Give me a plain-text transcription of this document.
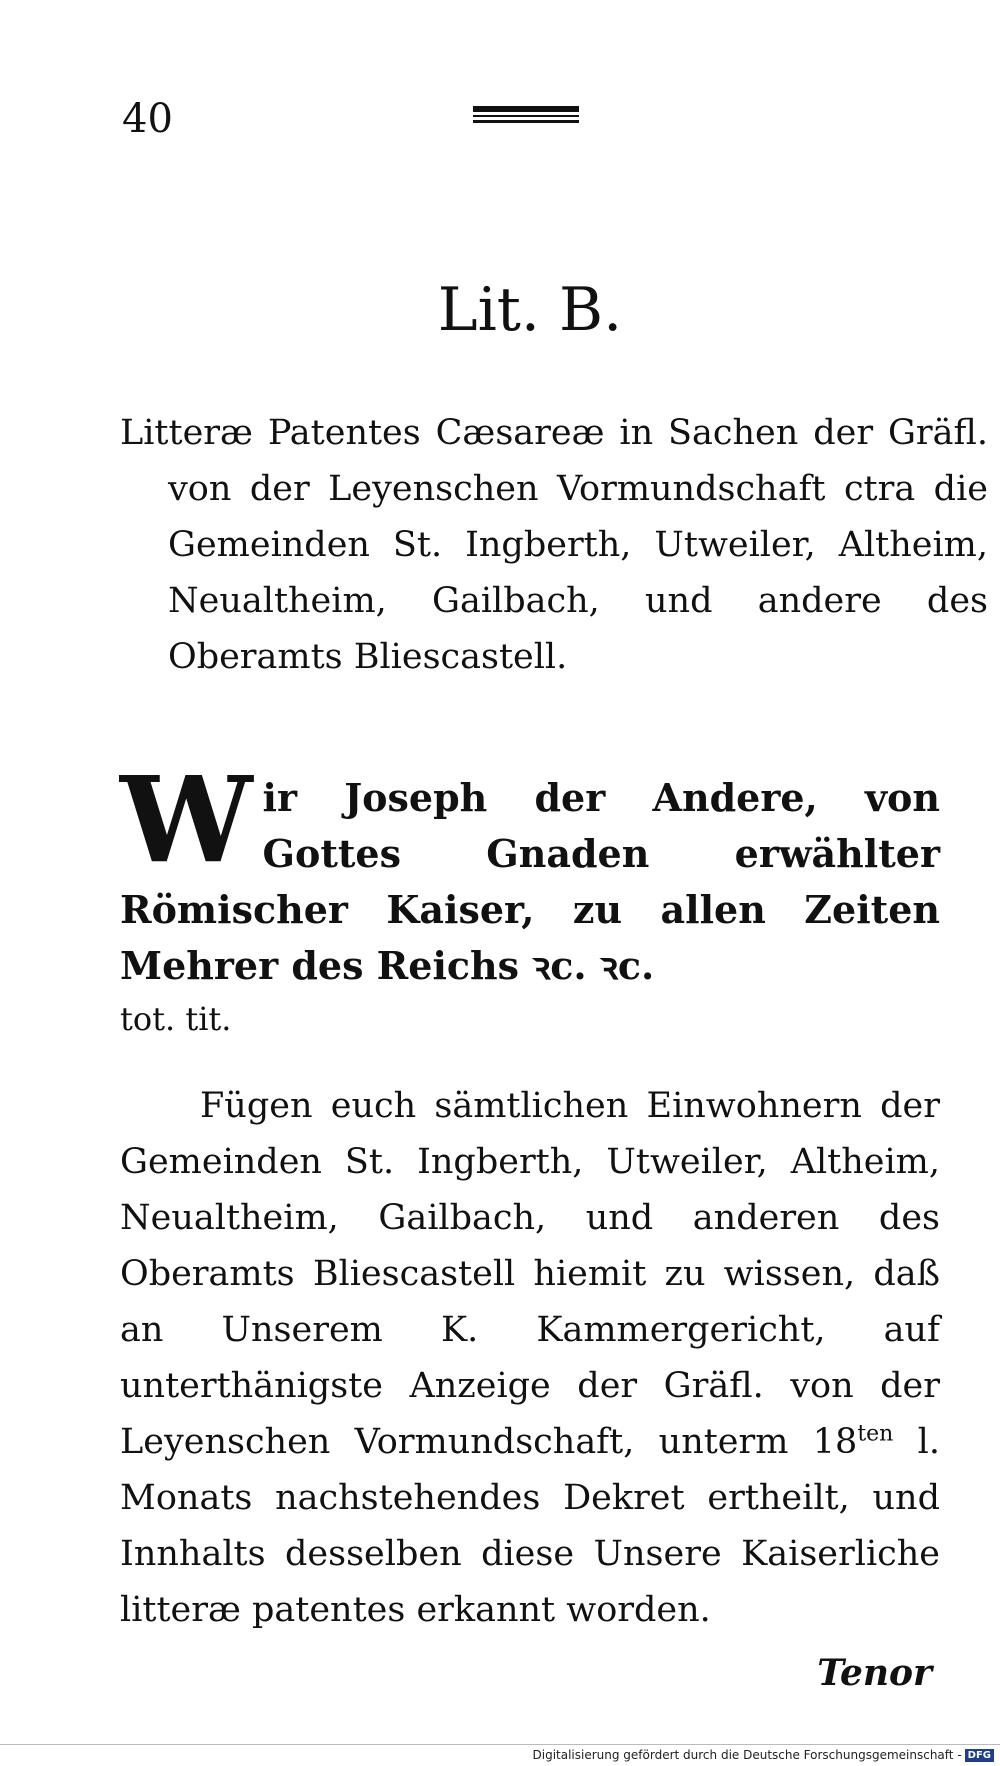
40
Lit. B.
Litteræ Patentes Cæsareæ in Sachen der Gräfl. von der Leyenschen Vormundschaft ctra die Gemeinden St. Ingberth, Utweiler, Altheim, Neualtheim, Gailbach, und andere des Oberamts Bliescastell.
W ir Joseph der Andere, von Gottes Gnaden erwählter Römischer Kaiser, zu allen Zeiten Mehrer des Reichs ꝛc. ꝛc.
tot. tit.
Fügen euch sämtlichen Einwohnern der Gemeinden St. Ingberth, Utweiler, Altheim, Neualtheim, Gailbach, und anderen des Oberamts Bliescastell hiemit zu wissen, daß an Unserem K. Kammergericht, auf unterthänigste Anzeige der Gräfl. von der Leyenschen Vormundschaft, unterm $18^{ten}$ l. Monats nachstehendes Dekret ertheilt, und Innhalts desselben diese Unsere Kaiserliche litteræ patentes erkannt worden.
Tenor
Digitalisierung gefördert durch die Deutsche Forschungsgemeinschaft - DFG
